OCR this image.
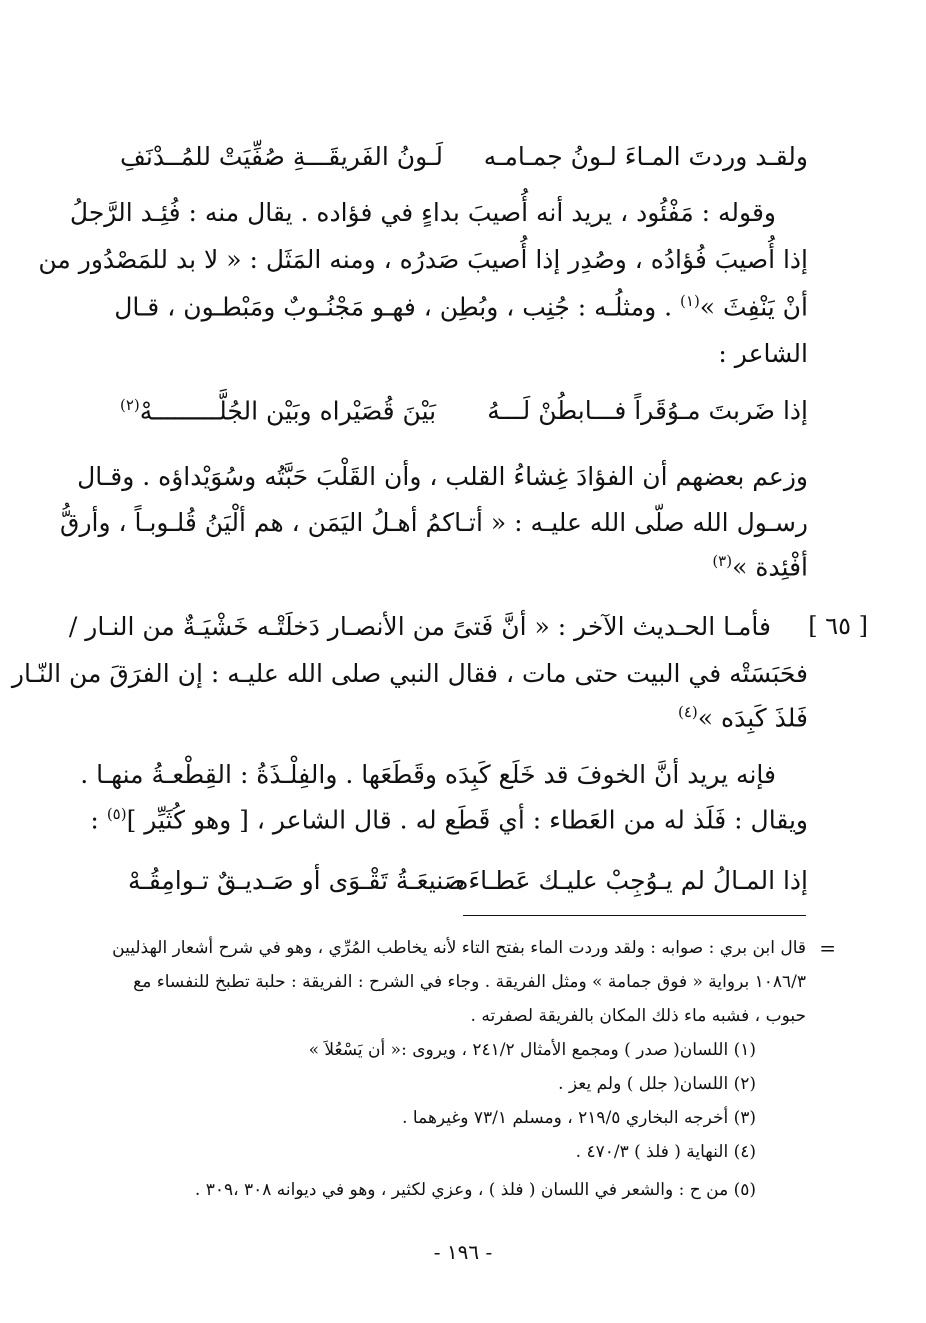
ولقـد وردتَ المـاءَ لـونُ جمـامـه
لَـونُ الفَريقَـــةِ صُفِّيَتْ للمُــدْنَفِ
وقوله : مَفْئُود ، يريد أنه أُصيبَ بداءٍ في فؤاده . يقال منه : فُئِـد الرَّجلُ
إذا أُصيبَ فُؤادُه ، وصُدِر إذا أُصيبَ صَدرُه ، ومنه المَثَل : « لا بد للمَصْدُور من
أنْ يَنْفِثَ »$^{(١)}$ . ومثلُـه : جُنِب ، وبُطِن ، فهـو مَجْنُـوبٌ ومَبْطـون ، قـال
الشاعر :
إذا ضَربتَ مـوُقَراً فـــابطُنْ لَـــهُ
بَيْنَ قُصَيْراه وبَيْن الجُلَّـــــــــهْ$^{(٢)}$
وزعم بعضهم أن الفؤادَ غِشاءُ القلب ، وأن القَلْبَ حَبَّتُه وسُوَيْداؤه . وقـال
رسـول الله صلّى الله عليـه : « أتـاكمُ أهـلُ اليَمَن ، هم ألْيَنُ قُلـوبـاً ، وأرقُّ
أفْئِدة »$^{(٣)}$
[ ٦٥ ]
فأمـا الحـديث الآخر : « أنَّ فَتىً من الأنصـار دَخلَتْـه خَشْيَـةٌ من النـار /
فحَبَسَتْه في البيت حتى مات ، فقال النبي صلى الله عليـه : إن الفرَقَ من النّـار
فَلذَ كَبِدَه »$^{(٤)}$
فإنه يريد أنَّ الخوفَ قد خَلَع كَبِدَه وقَطَعَها . والفِلْـذَةُ : القِطْعـةُ منهـا .
ويقال : فَلَذ له من العَطاء : أي قَطَع له . قال الشاعر ، [ وهو كُثَيِّر ]$^{(٥)}$ :
إذا المـالُ لم يـوُجِبْ عليـك عَطـاءَه
صَنيعَـةُ تَقْـوَى أو صَـديـقٌ تـوامِقُـهْ
=
قال ابن بري : صوابه : ولقد وردت الماء بفتح التاء لأنه يخاطب المُرِّي ، وهو في شرح أشعار الهذليين
١٠٨٦/٣ برواية « فوق جمامة » ومثل الفريقة . وجاء في الشرح : الفريقة : حلبة تطبخ للنفساء مع
حبوب ، فشبه ماء ذلك المكان بالفريقة لصفرته .
(١) اللسان( صدر ) ومجمع الأمثال ٢٤١/٢ ، ويروى :« أن يَسْعُلاَ »
(٢) اللسان( جلل ) ولم يعز .
(٣) أخرجه البخاري ٢١٩/٥ ، ومسلم ٧٣/١ وغيرهما .
(٤) النهاية ( فلذ ) ٤٧٠/٣ .
(٥) من ح : والشعر في اللسان ( فلذ ) ، وعزي لكثير ، وهو في ديوانه ٣٠٨ ،٣٠٩ .
- ١٩٦ -
